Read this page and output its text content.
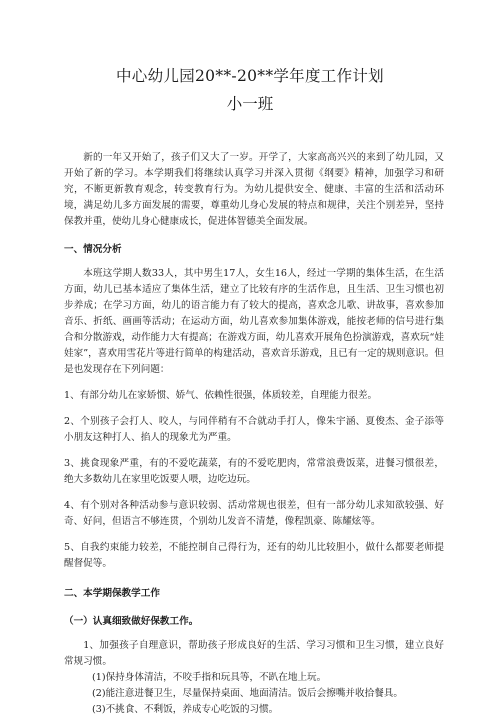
中心幼儿园20**-20**学年度工作计划
小一班

新的一年又开始了，孩子们又大了一岁。开学了，大家高高兴兴的来到了幼儿园，又开始了新的学习。本学期我们将继续认真学习并深入贯彻《纲要》精神，加强学习和研究，不断更新教育观念，转变教育行为。为幼儿提供安全、健康、丰富的生活和活动环境，满足幼儿多方面发展的需要，尊重幼儿身心发展的特点和规律，关注个别差异，坚持保教并重，使幼儿身心健康成长，促进体智德美全面发展。

一、情况分析

本班这学期人数33人，其中男生17人，女生16人，经过一学期的集体生活，在生活方面，幼儿已基本适应了集体生活，建立了比较有序的生活作息，且生活、卫生习惯也初步养成；在学习方面，幼儿的语言能力有了较大的提高，喜欢念儿歌、讲故事，喜欢参加音乐、折纸、画画等活动；在运动方面，幼儿喜欢参加集体游戏，能按老师的信号进行集合和分散游戏，动作能力大有提高；在游戏方面，幼儿喜欢开展角色扮演游戏，喜欢玩“娃娃家”，喜欢用雪花片等进行简单的构建活动，喜欢音乐游戏，且已有一定的规则意识。但是也发现存在下列问题：

1、有部分幼儿在家娇惯、娇气、依赖性很强，体质较差，自理能力很差。

2、个别孩子会打人、咬人，与同伴稍有不合就动手打人，像朱宇涵、夏俊杰、金子添等小朋友这种打人、掐人的现象尤为严重。

3、挑食现象严重，有的不爱吃蔬菜，有的不爱吃肥肉，常常浪费饭菜，进餐习惯很差，绝大多数幼儿在家里吃饭要人喂，边吃边玩。

4、有个别对各种活动参与意识较弱、活动常规也很差，但有一部分幼儿求知欲较强、好奇、好问，但语言不够连贯，个别幼儿发音不清楚，像程凯豪、陈耀炫等。

5、自我约束能力较差，不能控制自己得行为，还有的幼儿比较胆小，做什么都要老师提醒督促等。

二、本学期保教学工作

（一）认真细致做好保教工作。

1、加强孩子自理意识，帮助孩子形成良好的生活、学习习惯和卫生习惯，建立良好常规习惯。

(1)保持身体清洁，不咬手指和玩具等，不趴在地上玩。

(2)能注意进餐卫生，尽量保持桌面、地面清洁。饭后会擦嘴并收拾餐具。

(3)不挑食、不剩饭，养成专心吃饭的习惯。
